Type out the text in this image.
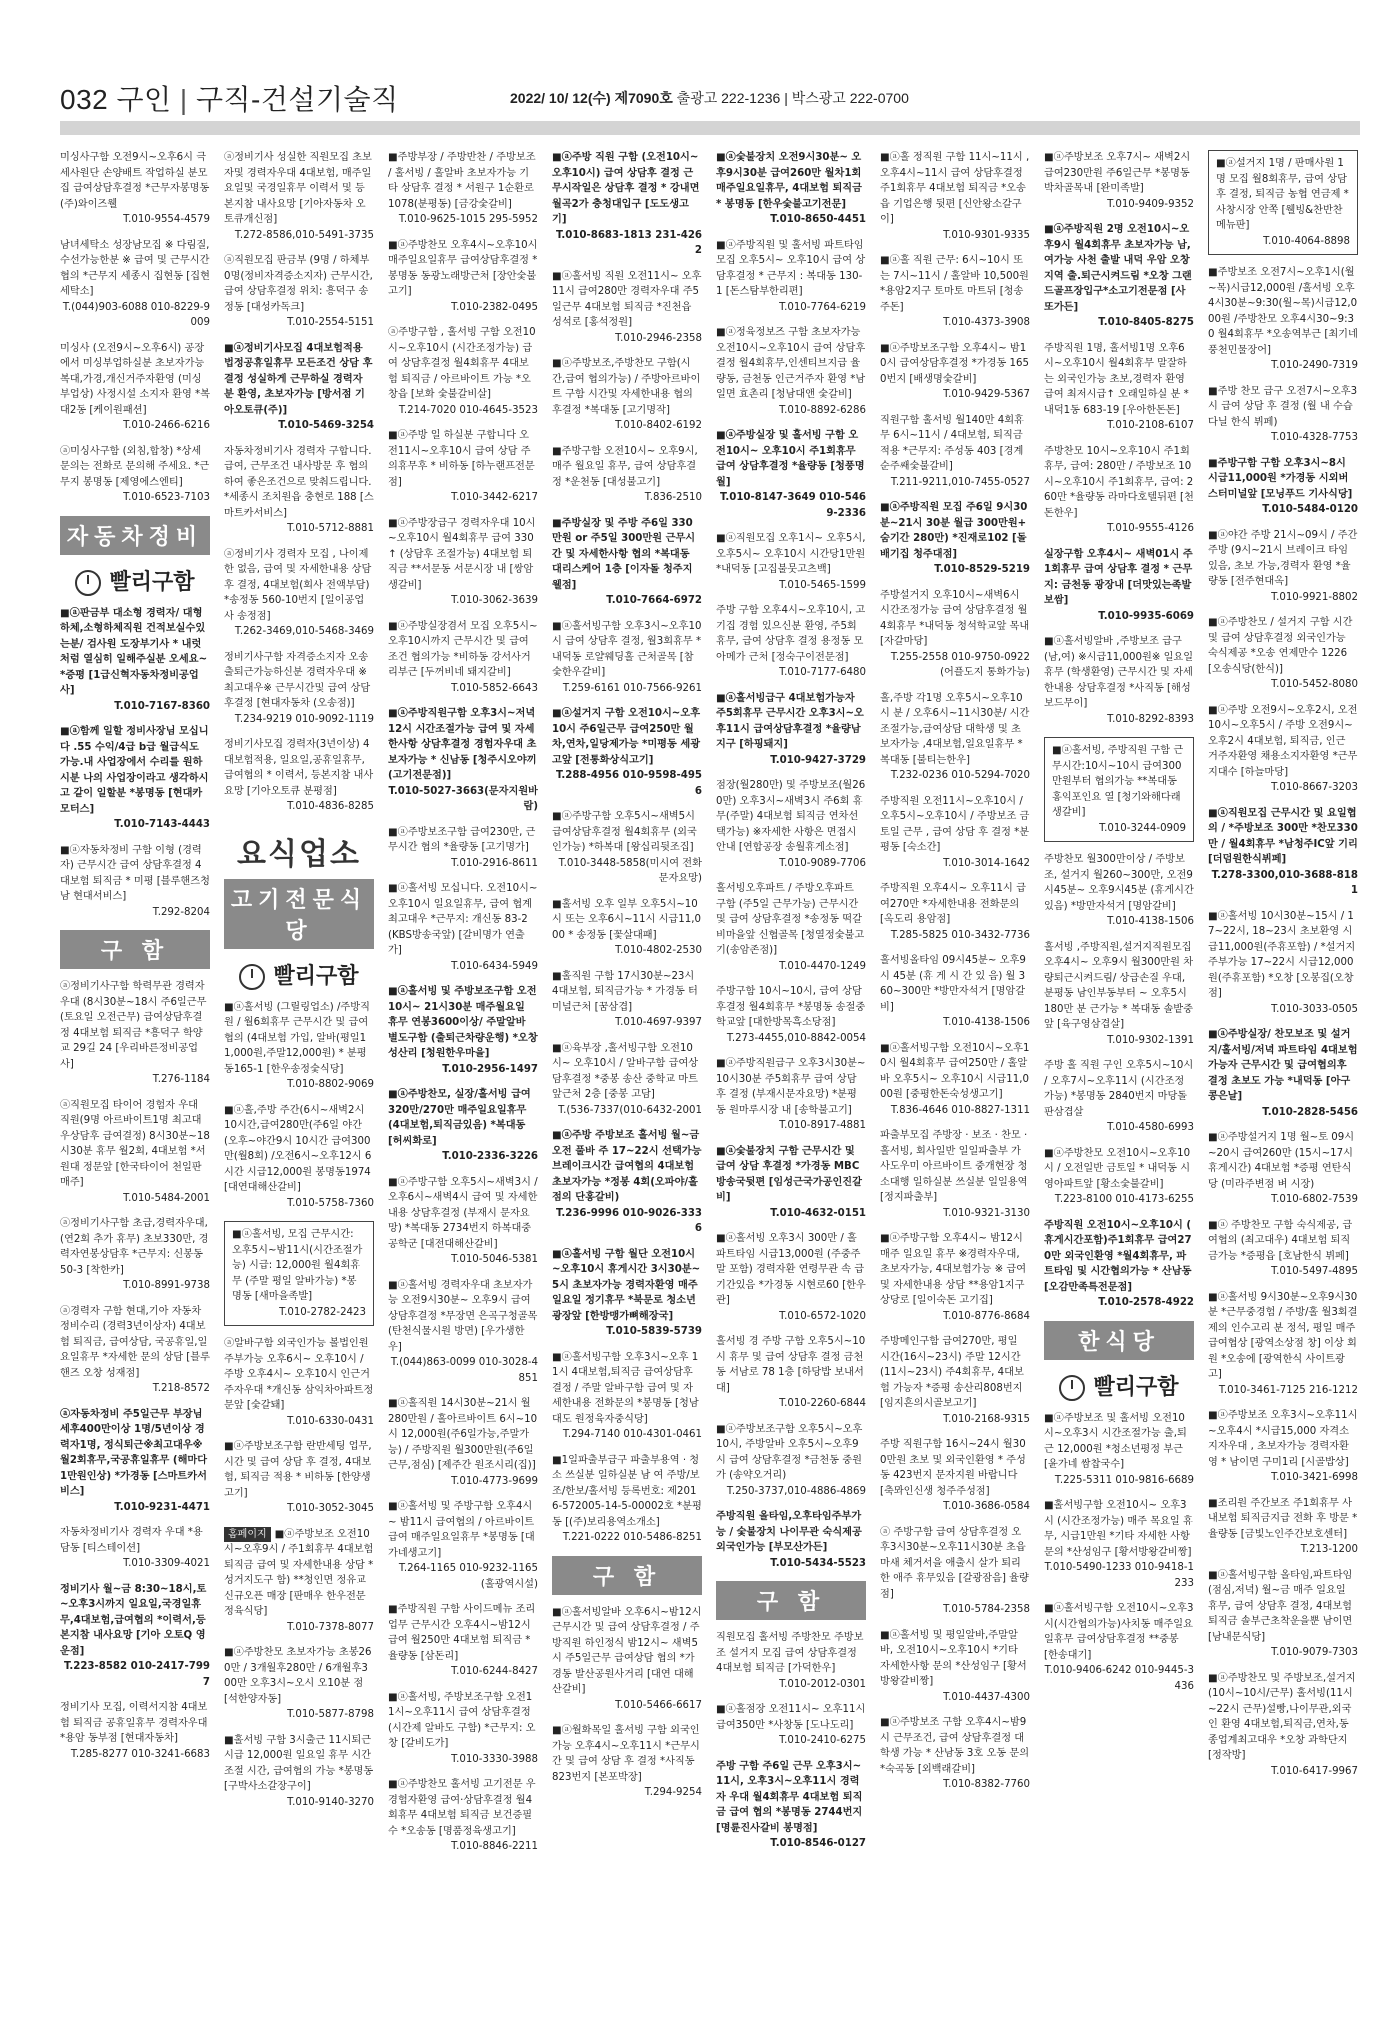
032 구인 | 구직-건설기술직	2022/ 10/ 12(수) 제7090호 출광고 222-1236 | 박스광고 222-0700
미싱사구함 오전9시~오후6시 극세사원단 손양배트 작업하실 분모집 급여상담후결정 *근무자봉명동(주)와이즈웰
T.010-9554-4579
남녀세탁소 성장남모집 ※ 다림질, 수선가능한분 ※ 급여 및 근무시간 협의 *근무지 세종시 집현동 [집현세탁소]
T.(044)903-6088 010-8229-9009
미싱사 (오전9시~오후6시) 공장에서 미싱부업하실분 초보자가능 복대,가경,개신거주자환영 (미싱부업상) 사정시설 소지자 환영 *복대2동 [케이원패션]
T.010-2466-6216
ⓐ미싱사구함 (외침,합창) *상세문의는 전화로 문의해 주세요. *근무지 봉명동 [제영에스엔티]
T.010-6523-7103
자동차정비
빨리구함
■ⓐ판금부 대소형 경력자/ 대형하체,소형하체직원 건적보실수있는분/ 검사원 도장부기사 * 내럿처럼 열심히 일해주실분 오세요~ *증평 [1급신혁자동차정비공업사]
T.010-7167-8360
■ⓐ함께 일할 정비사장님 모십니다 .55 수익/4급 b급 월급식도 가능.내 사업장에서 수리를 원하시분 나의 사업장이라고 생각하시고 같이 일할분 *봉명동 [현대카모터스]
T.010-7143-4443
■ⓐ자동차정비 구함 이형 (경력자) 근무시간 급여 상담후결정 4대보험 퇴직금 * 미평 [블루핸즈청남 현대서비스]
T.292-8204
구 함
ⓐ정비기사구함 학력무관 경력자우대 (8시30분~18시 주6일근무 (토요일 오전근무) 급여상담후결정 4대보험 퇴직금 *흥덕구 학양교 29길 24 [우리바른정비공업사]
T.276-1184
ⓐ직원모집 타이어 경험자 우대 직원(9명 아르바이트1명 최고대우상담후 급여결정) 8시30분~18시30분 휴무 월2회, 4대보험 *서원대 정문앞 [한국타이어 천일판매주]
T.010-5484-2001
ⓐ정비기사구함 초급,경력자우대, (연2회 추가 휴무) 초보330만, 경력자연봉상담후 *근무지: 신봉동 50-3 [착한카]
T.010-8991-9738
ⓐ경력자 구함 현대,기아 자동차 정비수리 (경력3년이상자) 4대보험 퇴직금, 급여상담, 국공휴일,일요일휴무 *자세한 문의 상담 [블루핸즈 오창 성재점]
T.218-8572
ⓐ자동차정비 주5일근무 부장님 세후400만이상 1명/5년이상 경력자1명, 정식퇴근※최고대우※ 월2회휴무,국공휴일휴무 (해마다1만원인상) *가경동 [스마트카서비스]
T.010-9231-4471
자동차정비기사 경력자 우대 *용담동 [티스테이션]
T.010-3309-4021
정비기사 월~금 8:30~18시,토~오후3시까지 일요일,국경일휴무,4대보험,급여협의 *이력서,등본지참 내사요망 [기아 오토Q 영운점]
T.223-8582 010-2417-7997
정비기사 모집, 이력서지참 4대보험 퇴직금 공휴일휴무 경력자우대 *용암 동부점 [현대자동차]
T.285-8277 010-3241-6683
ⓐ정비기사 성실한 직원모집 초보자및 경력자우대 4대보험, 매주일요일및 국경일휴무 이력서 및 등본지참 내사요망 [기아자동차 오토큐개신점]
T.272-8586,010-5491-3735
ⓐ직원모집 판금부 (9명 / 하체부 0명(정비자격증소지자) 근무시간, 급여 상담후결정 위치: 흥덕구 송정동 [대성카독크]
T.010-2554-5151
■ⓐ정비기사모집 4대보험적용 법정공휴일휴무 모든조건 상담 후 결정 성실하게 근무하실 경력자 분 환영, 초보자가능 [방서점 기아오토큐(주)]
T.010-5469-3254
자동차정비기사 경력자 구합니다. 급여, 근무조건 내사방문 후 협의하여 좋은조건으로 맞춰드립니다. *세종시 조치원읍 충현로 188 [스마트카서비스]
T.010-5712-8881
ⓐ정비기사 경력자 모집 , 나이제한 없음, 급여 및 자세한내용 상담후 결정, 4대보험(회사 전액부담) *송정동 560-10번지 [일이공업사 송정점]
T.262-3469,010-5468-3469
정비기사구함 자격증소지자 오송출퇴근가능하신분 경력자우대 ※최고대우※ 근무시간및 급여 상담후결정 [현대자동차 (오송점)]
T.234-9219 010-9092-1119
정비기사모집 경력자(3년이상) 4대보험적용, 일요일,공휴일휴무, 급여협의 * 이력서, 등본지참 내사요망 [기아오토큐 분평점]
T.010-4836-8285
요식업소
고기전문식당
빨리구함
■ⓐ홀서빙 (그릴링업소) /주방직원 / 월6회휴무 근무시간 및 급여협의 (4대보험 가입, 알바(평일11,000원,주말12,000원) * 분평동165-1 [한우송정숯식당]
T.010-8802-9069
■ⓐ홀,주방 주간(6시~새벽2시 10시간,급여280만(주6일 야간(오후~야간9시 10시간 급여300만(월8회) /오전6시~오후12시 6시간 시급12,000원 봉명동1974 [대연대해산갈비]
T.010-5758-7360
■ⓐ홀서빙, 모집 근무시간: 오후5시~밤11시(시간조절가능) 시급: 12,000원 월4회휴무 (주말 평일 알바가능) *봉명동 [새마을족발]
T.010-2782-2423
ⓐ알바구함 외국인가능 볼법인원 주부가능 오후6시~ 오후10시 / 주방 오후4시~ 오후10시 인근거주자우대 *개신동 삼익차아파트정문앞 [숯갈돼]
T.010-6330-0431
■ⓐ주방보조구함 란반세팅 업무, 시간 및 급여 상담 후 결정, 4대보험, 퇴직금 적용 * 비하동 [한양생고기]
T.010-3052-3045
홈페이지 ■ⓐ주방보조 오전10시~오후9시 / 주1회휴무 4대보험 퇴직금 급여 및 자세한내용 상담 *성거지도구 함) **청인면 정유교 신규오픈 매장 [판매우 한우전문 정육식당]
T.010-7378-8077
■ⓐ주방찬모 초보자가능 초봉260만 / 3개월후280만 / 6개월후300만 오후3시~오시 오10분 점 [석한양자동]
T.010-5877-8798
■홀서빙 구함 3시출근 11시퇴근 시급 12,000원 일요일 휴무 시간조절 시간, 급여협의 가능 *봉명동 [구박사소갈장구이]
T.010-9140-3270
■주방부장 / 주방반찬 / 주방보조 / 홀서빙 / 홀알바 초보자가능 기타 상담후 결정 * 서원구 1순환로 1078(분평동) [금강숯갈비]
T.010-9625-1015 295-5952
■ⓐ주방찬모 오후4시~오후10시 매주일요일휴무 급여상담후결정 *봉명동 동광노래방근처 [장안숯불고기]
T.010-2382-0495
ⓐ주방구함 , 홀서빙 구함 오전10시~오후10시 (시간조정가능) 급여 상담후결정 월4회휴무 4대보험 퇴직금 / 아르바이트 가능 *오창읍 [보화 숯불갈비살]
T.214-7020 010-4645-3523
■ⓐ주방 일 하실분 구합니다 오전11시~오후10시 급여 상담 주의휴무후 * 비하동 [하누랜프전문점]
T.010-3442-6217
■ⓐ주방장급구 경력자우대 10시~오후10시 월4회휴무 급여 330↑ (상담후 조절가능) 4대보험 퇴직금 **서문동 서문시장 내 [쌍암생갈비]
T.010-3062-3639
■ⓐ주방실장겸서 모집 오후5시~오후10시까지 근무시간 및 급여 조건 협의가능 *비하동 강서사거리부근 [두꺼비네 돼지갈비]
T.010-5852-6643
■ⓐ주방직원구함 오후3시~저녁12시 시간조절가능 급여 및 자세한사항 상담후결정 경험자우대 초보자가능 * 신남동 [청주시오야끼 (고기전문점)]
T.010-5027-3663(문자지원바람)
■ⓐ주방보조구함 급여230만, 근무시간 협의 *율량동 [고기명가]
T.010-2916-8611
■ⓐ홀서빙 모십니다. 오전10시~오후10시 일요일휴무, 급여 협계최고대우 *근무지: 개신동 83-2(KBS방송국앞) [갈비명가 연출가]
T.010-6434-5949
■ⓐ홀서빙 및 주방보조구함 오전10시~ 21시30분 매주월요일 휴무 연봉3600이상/ 주말알바 별도구함 (출퇴근차량운행) *오창성산리 [청원한우마을]
T.010-2956-1497
■ⓐ주방찬모, 실장/홀서빙 급여 320만/270만 매주일요일휴무 (4대보험,퇴직금있음) *복대동 [허씨화로]
T.010-2336-3226
■ⓐ주방구함 오후5시~새벽3시 / 오후6시~새벽4시 급여 및 자세한내용 상담후결정 (부재시 문자요망) *복대동 2734번지 하복대중공학군 [대전대해산갈비]
T.010-5046-5381
■ⓐ홀서빙 경력자우대 초보자가능 오전9시30분~ 오후9시 급여상담후결정 *무장면 은곡구청골목(탄천식물시원 방면) [우가생한우]
T.(044)863-0099 010-3028-4851
■ⓐ홀직원 14시30분~21시 월 280만원 / 홀아르바이트 6시~10시 12,000원(주6일가능,주말가능) / 주방직원 월300만원(주6일 근무,점심) [제주간 원조시리(집)]
T.010-4773-9699
■ⓐ홀서빙 및 주방구함 오후4시~ 밤11시 급여협의 / 아르바이트 급여 매주일요일휴무 *봉명동 [대가네생고기]
T.264-1165 010-9232-1165(홀광역시설)
■주방직원 구함 사이드메뉴 조리업무 근무시간 오후4시~밤12시 급여 월250만 4대보험 퇴직금 * 율량동 [삼돈리]
T.010-6244-8427
■ⓐ홀서빙, 주방보조구함 오전11시~오후11시 급여 상담후결정 (시간제 알바도 구함) *근무지: 오창 [갈비도가]
T.010-3330-3988
■ⓐ주방찬모 홀서빙 고기전문 우경험자환영 급여·상담후결정 월4회휴무 4대보험 퇴직금 보건증필수 *오송동 [명품정육생고기]
T.010-8846-2211
■ⓐ주방 직원 구함 (오전10시~오후10시) 급여 상담후 결정 근무시작일은 상담후 결정 * 강내면 월곡2가 충청대입구 [도도생고기]
T.010-8683-1813 231-4262
■ⓐ홀서빙 직원 오전11시~ 오후11시 급여280만 경력자우대 주5일근무 4대보험 퇴직금 *진천읍 성석로 [홍석정원]
T.010-2946-2358
■ⓐ주방보조,주방찬모 구함(시간,급여 협의가능) / 주방아르바이트 구함 시간및 자세한내용 협의후결정 *복대동 [고기명작]
T.010-8402-6192
■주방구함 오전10시~ 오후9시, 매주 월요일 휴무, 급여 상담후결정 *운천동 [대성불고기]
T.836-2510
■주방실장 및 주방 주6일 330만원 or 주5일 300만원 근무시간 및 자세한사항 협의 *복대동 대리스케어 1층 [이자돌 청주지웰점]
T.010-7664-6972
■ⓐ홀서빙구함 오후3시~오후10시 급여 상담후 결정, 월3회휴무 *내덕동 로얄웨딩홀 근처골목 [참숯한우갈비]
T.259-6161 010-7566-9261
■ⓐ설거지 구함 오전10시~오후10시 주6일근무 급여250만 월차,연차,일당제가능 *미평동 세광고앞 [전통화상식고기]
T.288-4956 010-9598-4956
■ⓐ주방구함 오후5시~새벽5시 급여상담후결정 월4회휴무 (외국인가능) *하복대 [왕십리뒷조집]
T.010-3448-5858(미시여 전화문자요망)
■홀서빙 오후 일부 오후5시~10시 또는 오후6시~11시 시급11,000 * 송정동 [꽃살대패]
T.010-4802-2530
■홀직원 구함 17시30분~23시 4대보험, 퇴직금가능 * 가경동 터미널근처 [꿈삼겹]
T.010-4697-9397
■ⓐ육부장 ,홀서빙구함 오전10시~ 오후10시 / 알바구함 급여상담후결정 *중봉 송산 중학교 마트앞근처 2층 [중봉 고담]
T.(536-7337(010-6432-2001
■ⓐ주방 주방보조 홀서빙 월~금 오전 풀바 주 17~22시 선택가능 브레이크시간 급여협의 4대보험 초보자가능 *정봉 4회(오파야/홀점의 단홍갈비)
T.236-9996 010-9026-3336
■ⓐ홀서빙 구함 월단 오전10시~오후10시 휴게시간 3시30분~5시 초보자가능 경력자환영 매주일요일 정기휴무 *북문로 청소년 광장앞 [한방맹가뼈해장국]
T.010-5839-5739
■ⓐ홀서빙구함 오후3시~오후 11시 4대보험,퇴직금 급여상담후 결정 / 주말 알바구함 급여 및 자세한내용 전화문의 *봉명동 [청남대도 원정육자중식당]
T.294-7140 010-4301-0461
■1일파출부급구 파출부용역 · 청소 쓰실분 일하실분 남 여 주방/보조/한보/홀서빙 등록번호: 제2016-572005-14-5-00002호 *분평동 [(주)보리용역소개소]
T.221-0222 010-5486-8251
구 함
■ⓐ홀서빙알바 오후6시~밤12시 근무시간 및 급여 상담후결정 / 주방직원 하인정식 밤12시~ 새벽5시 주5일근무 급여상담 협의 *가경동 발산공원사거리 [대연 대해산갈비]
T.010-5466-6617
■ⓐ월화목일 홀서빙 구함 외국인 가능 오후4시~오후11시 *근무시간 및 급여 상담 후 결정 *사직동 823번지 [본포박장]
T.294-9254
■ⓐ숯불장치 오전9시30분~ 오후9시30분 급여260만 월차1회 매주일요일휴무, 4대보험 퇴직금* 봉명동 [한우숯불고기전문]
T.010-8650-4451
■ⓐ주방직원 및 홀서빙 파트타임 모집 오후5시~ 오후10시 급여 상담후결정 * 근무지 : 복대동 130-1 [돈스탐부한리편]
T.010-7764-6219
■ⓐ정육정보즈 구함 초보자가능 오전10시~오후10시 급여 상담후결정 월4회휴무,인센티브지급 율량동, 금천동 인근거주자 환영 *남일면 효촌리 [청남대앤 숯갈비]
T.010-8892-6286
■ⓐ주방실장 및 홀서빙 구함 오전10시~ 오후10시 주1회휴무 급여 상담후결정 *율량동 [청풍명월]
T.010-8147-3649 010-5469-2336
■ⓐ직원모집 오후1시~ 오후5시, 오후5시~ 오후10시 시간당1만원 *내덕동 [고집불뭇고츠백]
T.010-5465-1599
주방 구함 오후4시~오후10시, 고기집 경험 있으신분 환영, 주5회 휴무, 급여 상담후 결정 용정동 모아메가 근처 [정숙구이전문점]
T.010-7177-6480
■ⓐ홀서빙급구 4대보험가능자 주5회휴무 근무시간 오후3시~오후11시 급여상담후결정 *율량남지구 [하핑돼지]
T.010-9427-3729
점장(월280만) 및 주방보조(월260만) 오후3시~새벽3시 주6회 휴무(주말) 4대보험 퇴직금 연차선택가능) ※자세한 사항은 면접시 안내 [연합공장 송월휴게소점]
T.010-9089-7706
홀서빙오후파트 / 주방오후파트 구함 (주5일 근무가능) 근무시간 및 급여 상담후결정 *송정동 떡갈비마을앞 신협골목 [청열정숯불고기(송암존점)]
T.010-4470-1249
주방구함 10시~10시, 급여 상담후결정 월4회휴무 *봉명동 송절중학교앞 [대한방목흑소당점]
T.273-4455,010-8842-0054
■ⓐ주방직원급구 오후3시30분~10시30분 주5회휴무 급여 상담 후 결정 (부재시문자요망) *분평동 원마루시장 내 [송학불고기]
T.010-8917-4881
■ⓐ숯불장치 구함 근무시간 및 급여 상담 후결정 *가경동 MBC방송국뒷편 [임성근국가공인진갈비]
T.010-4632-0151
■ⓐ홀서빙 오후3시 300만 / 홀파트타임 시급13,000원 (주중주말 포함) 경력자환 연령무관 속 급기간있음 *가경동 시현로60 [한우관]
T.010-6572-1020
홀서빙 경 주방 구함 오후5시~10시 휴무 및 급여 상담후 결정 금천동 서남로 78 1층 [하당밥 보내서대]
T.010-2260-6844
■ⓐ주방보조구함 오후5시~오후10시, 주방알바 오후5시~오후9시 급여 상담후결정 *금천동 중원가 (송약오거리)
T.250-3737,010-4886-4869
주방직원 올타임,오후타임주부가능 / 숯불장치 나이무관 숙식제공 외국인가능 [부모산가든]
T.010-5434-5523
구 함
직원모집 홀서빙 주방찬모 주방보조 설거지 모집 급여 상담후결정 4대보험 퇴직금 [가덕한우]
T.010-2012-0301
■ⓐ홀점장 오전11시~ 오후11시 급여350만 *사창동 [도나도리]
T.010-2410-6275
주방 구함 주6일 근무 오후3시~11시, 오후3시~오후11시 경력자 우대 월4회휴무 4대보험 퇴직금 급여 협의 *봉명동 2744번지 [명륜진사갈비 봉명점]
T.010-8546-0127
■ⓐ홀 정직원 구함 11시~11시 , 오후4시~11시 급여 상담후결정 주1회휴무 4대보험 퇴직금 *오송읍 기업은행 뒷편 [신안왕소갈구이]
T.010-9301-9335
■ⓐ홀 직원 근무: 6시~10시 또는 7시~11시 / 홀알바 10,500원 *용암2지구 토마토 마트뒤 [청송주돈]
T.010-4373-3908
■ⓐ주방보조구함 오후4시~ 밤10시 급여상담후결정 *가경동 1650번지 [배생명숯갈비]
T.010-9429-5367
직원구함 홀서빙 월140만 4회휴무 6시~11시 / 4대보험, 퇴직금 적용 *근무지: 주성동 403 [경계순주쌔숯불갈비]
T.211-9211,010-7455-0527
■ⓐ주방직원 모집 주6일 9시30분~21시 30분 월급 300만원+ 숨기간 280만) *진재로102 [돌배기집 청주대점]
T.010-8529-5219
주방설거지 오후10시~새벽6시 시간조정가능 급여 상담후결정 월4회휴무 *내덕동 청석학교앞 목내 [자갈마당]
T.255-2558 010-9750-0922(어플도지 통화가능)
홀,주방 각1명 오후5시~오후10시 분 / 오후6시~11시30분/ 시간조절가능,급여상담 대학생 및 초보자가능 ,4대보험,일요일휴무 *복대동 [불티는한우]
T.232-0236 010-5294-7020
주방직원 오전11시~오후10시 / 오후5시~오후10시 / 주방보조 금토일 근무 , 급여 상담 후 결정 *분평동 [숙소간]
T.010-3014-1642
주방직원 오후4시~ 오후11시 급여270만 *자세한내용 전화문의 [옥도리 용암점]
T.285-5825 010-3432-7736
홀서빙올타임 09시45분~ 오후9시 45분 (휴 게 시 간 있 음) 월 360~300만 *방만자석거 [명암갈비]
T.010-4138-1506
■ⓐ홀서빙구함 오전10시~오후10시 월4회휴무 급여250만 / 홀알바 오후5시~ 오후10시 시급11,000원 [중평한돈숙성생고기]
T.836-4646 010-8827-1311
파출부모집 주방장 · 보조 · 찬모 · 홀서빙, 회사일반 일일파출부 가사도우미 아르바이트 중개현장 청소대행 일하실분 쓰실분 일일용역 [정지파출부]
T.010-9321-3130
■ⓐ주방구함 오후4시~ 밤12시 매주 일요일 휴무 ※경력자우대, 초보자가능, 4대보험가능 ※ 급여 및 자세한내용 상담 **용암1지구 상당로 [일이숙돈 고기집]
T.010-8776-8684
주방메인구함 급여270만, 평일 시간(16시~23시) 주말 12시간(11시~23시) 주4회휴무, 4대보험 가능자 *증평 송산리808번지 [임지흔의시골보고기]
T.010-2168-9315
주방 직원구함 16시~24시 월300만원 초보 및 외국인환영 * 주성동 423번지 문자지원 바랍니다 [축뫄인신생 청주주성점]
T.010-3686-0584
ⓐ 주방구함 급여 상담후결정 오후3시30분~오후11시30분 초읍마새 체거서을 애출시 살가 퇴리한 애주 휴무있음 [갈광잠음] 율량점]
T.010-5784-2358
■ⓐ홀서빙 및 평일알바,주말알바, 오전10시~오후10시 *기타 자세한사항 문의 *산성임구 [황서방왕갈비짱]
T.010-4437-4300
■ⓐ주방보조 구함 오후4시~밤9시 근무조건, 급여 상담후결정 대학생 가능 * 산남동 3호 오동 문의 *숙곡동 [외백래갈비]
T.010-8382-7760
■ⓐ주방보조 오후7시~ 새벽2시 급여230만원 주6일근무 *봉명동 박차골목내 [완미족발]
T.010-9409-9352
■ⓐ주방직원 2명 오전10시~오후9시 월4회휴무 초보자가능 남, 여가능 사천 출발 내덕 우암 오창지역 출.퇴근시켜드림 *오창 그랜드골프장입구*소고기전문점 [사또가든]
T.010-8405-8275
주방직원 1명, 홀서빙1명 오후6시~오후10시 월4회휴무 말잘하는 외국인가능 초보,경력자 환영 급여 최저시급↑ 오래일하실 분 *내덕1동 683-19 [우아한돈돈]
T.010-2108-6107
주방찬모 10시~오후10시 주1회휴무, 급여: 280만 / 주방보조 10시~오후10시 주1회휴무, 급여: 260만 *율량동 라마다호텔뒤편 [천돈한우]
T.010-9555-4126
실장구함 오후4시~ 새벽01시 주1회휴무 급여 상담후 결정 * 근무지: 금천동 광장내 [더맛있는족발보쌈]
T.010-9935-6069
■ⓐ홀서빙알바 ,주방보조 급구 (남,여) ※시급11,000원※ 일요일 휴무 (학생환영) 근무시간 및 자세한내용 상담후결정 *사직동 [해성보드무이]
T.010-8292-8393
■ⓐ홀서빙, 주방직원 구함 근무시간:10시~10시 급여300만원부터 협의가능 **복대동 홍익포인요 열 [청기와해다래생갈비]
T.010-3244-0909
주방찬모 월300만이상 / 주방보조, 설거지 월260~300만, 오전9시45분~ 오후9시45분 (휴게시간있음) *방만자석거 [명암갈비]
T.010-4138-1506
홀서빙 ,주방직원,설거지직원모집 오후4시~ 오후9시 월300만원 차량퇴근시켜드림/ 상급손질 우대, 분평동 남인부동부터 ~ 오후5시 180만 분 근가능 * 복대동 솔밭중 앞 [육구영삼겹살]
T.010-9302-1391
주방 홀 직원 구인 오후5시~10시 / 오후7시~오후11시 (시간조정가능) *봉명동 2840번지 마당돌판삼겹살
T.010-4580-6993
■ⓐ주방찬모 오전10시~오후10시 / 오전일반 금토일 * 내덕동 시영아파트앞 [황소숯불갈비]
T.223-8100 010-4173-6255
주방직원 오전10시~오후10시 ( 휴게시간포함)주1회휴무 급여270만 외국인환영 *월4회휴무, 파트타임 및 시간협의가능 * 산남동 [오감만족특전문점]
T.010-2578-4922
한식당
빨리구함
■ⓐ주방보조 및 홀서빙 오전10시~오후3시 시간조절가능 출,퇴근 12,000원 *청소년평정 부근 [윤가네 쌈찹국수]
T.225-5311 010-9816-6689
■홀서빙구함 오전10시~ 오후3시 (시간조정가능) 매주 목요일 휴무, 시급1만원 *기타 자세한 사항 문의 *산성임구 [황서방왕갈비짱]
T.010-5490-1233 010-9418-1233
■ⓐ홀서빙구함 오전10시~오후3시(시간협의가능)사치동 매주일요일휴무 급여상담후결정 **중봉 [한송대기]
T.010-9406-6242 010-9445-3436
■ⓐ설거지 1명 / 판매사원 1명 모집 월8회휴무, 급여 상담후 결정, 퇴직금 농협 연금제 *사창시장 안쪽 [웰빙&찬반찬메뉴판]
T.010-4064-8898
■주방보조 오전7시~오후1시(월~목)시급12,000원 /홀서빙 오후4시30분~9:30(월~목)시급12,000원 /주방찬모 오후4시30~9:30 월4회휴무 *오송역부근 [최기네 풍천민물장어]
T.010-2490-7319
■주방 찬모 급구 오전7시~오후3시 급여 상담 후 결정 (월 내 수습 다닐 한식 뷔페)
T.010-4328-7753
■주방구함 구함 오후3시~8시 시급11,000원 *가경동 시외버스터미널앞 [모닝푸드 기사식당]
T.010-5484-0120
■ⓐ야간 주방 21시~09시 / 주간 주방 (9시~21시 브레이크 타임 있음, 초보 가능,경력자 환영 *율량동 [전주현대옥]
T.010-9921-8802
■ⓐ주방찬모 / 설거지 구함 시간 및 급여 상담후결정 외국인가능 숙식제공 *오송 연제만수 1226 [오송식당(한식)]
T.010-5452-8080
■ⓐ주방 오전9시~오후2시, 오전10시~오후5시 / 주방 오전9시~오후2시 4대보험, 퇴직금, 인근 거주자환영 채용소지자환영 *근무지대수 [하늘마당]
T.010-8667-3203
■ⓐ직원모집 근무시간 및 요일협의 / *주방보조 300만 *찬모330만 / 월4회휴무 *남청주IC앞 기리 [더덤원한식뷔페]
T.278-3300,010-3688-8181
■ⓐ홀서빙 10시30분~15시 / 17~22시, 18~23시 초보환영 시급11,000원(주휴포함) / *설거지 주부가능 17~22시 시급12,000원(주휴포함) *오창 [오봉집(오창점]
T.010-3033-0505
■ⓐ주방실장/ 찬모보조 및 설거지/홀서빙/저녁 파트타임 4대보험가능자 근무시간 및 급여협의후 결정 초보도 가능 *내덕동 [아구콩은날]
T.010-2828-5456
■ⓐ주방설거지 1명 월~토 09시~20시 급여260만 (15시~17시 휴게시간) 4대보험 *증평 연탄식당 (미라주변점 벼 시장)
T.010-6802-7539
■ⓐ 주방찬모 구함 숙식제공, 급여협의 (최고대우) 4대보험 퇴직금가능 *증평읍 [호남한식 뷔페]
T.010-5497-4895
■ⓐ홀서빙 9시30분~오후9시30분 *근무중경험 / 주방/홀 월3회결제의 인수고리 분 정석, 평일 매주 급여협상 [광역소상점 창] 이상 회원 *오송에 [광역한식 사이트광고]
T.010-3461-7125 216-1212
■ⓐ주방보조 오후3시~오후11시 ~오후4시 *시급15,000 자격소지자우대 , 초보자가능 경력자환영 * 남이면 구미1리 [시골밥상]
T.010-3421-6998
■조리원 주간보조 주1회휴무 사내보험 퇴직금지급 전화 후 방문 *율량동 [금빛노인주간보호센터]
T.213-1200
■ⓐ홀서빙구함 올타임,파트타임(점심,저녁) 월~금 매주 일요일 휴무, 급여 상담후 결정, 4대보험 퇴직금 솔부근초착운을뿐 남이면 [남내문식당]
T.010-9079-7303
■ⓐ주방찬모 및 주방보조,설거지 (10시~10시/근무) 홀서빙(11시~22시 근무)설빵,나이무관,외국인 환영 4대보험,퇴직금,연차,동종업계최고대우 *오창 과학단지 [정작방]
T.010-6417-9967
